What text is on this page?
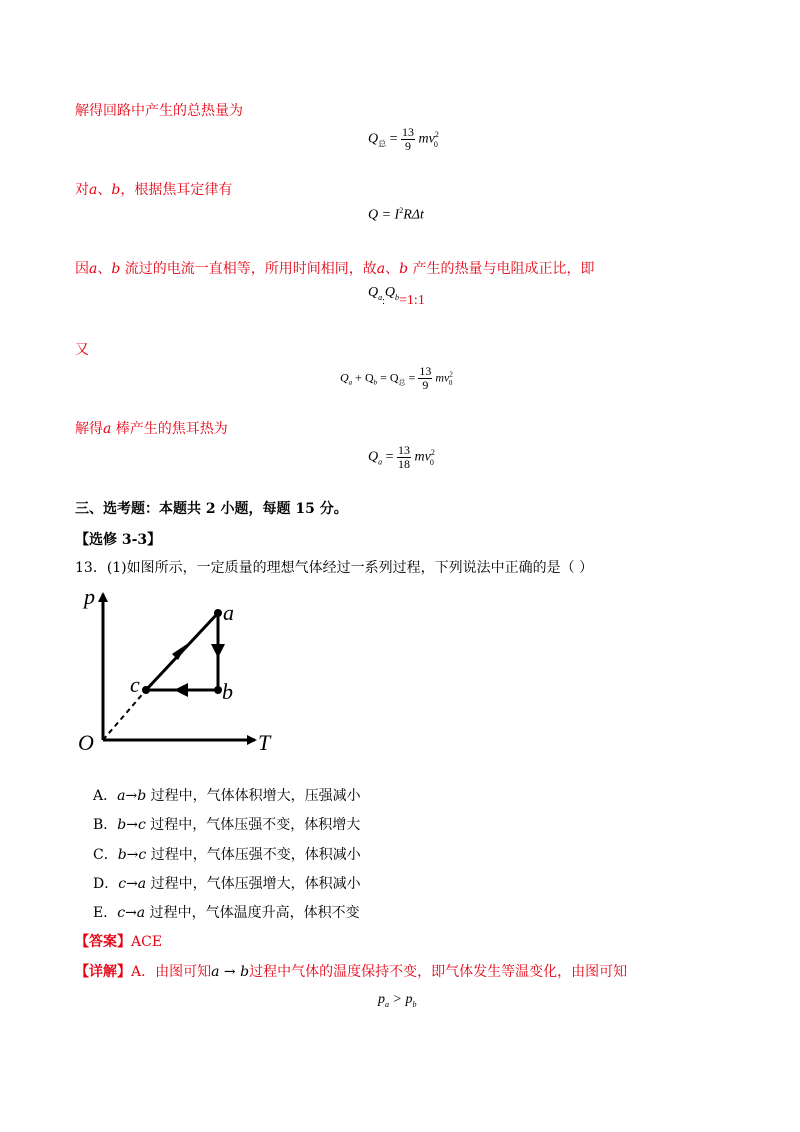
解得回路中产生的总热量为
$Q_总 = \frac{13}{9} mv^2_0$
对a、b，根据焦耳定律有
$Q = I^2R\Delta t$
因a、b 流过的电流一直相等，所用时间相同，故a、b 产生的热量与电阻成正比，即
$Q_{a:}Q_b=1:1$
又
$Q_a + Q_b = Q_总 = \frac{13}{9} mv^2_0$
解得a 棒产生的焦耳热为
$Q_a = \frac{13}{18} mv^2_0$
三、选考题：本题共 2 小题，每题 15 分。
【选修 3-3】
13．(1)如图所示，一定质量的理想气体经过一系列过程，下列说法中正确的是（ ）
p
T
O
a
b
c
A．a→b 过程中，气体体积增大，压强减小
B．b→c 过程中，气体压强不变，体积增大
C．b→c 过程中，气体压强不变，体积减小
D．c→a 过程中，气体压强增大，体积减小
E．c→a 过程中，气体温度升高，体积不变
【答案】ACE
【详解】A．由图可知a → b过程中气体的温度保持不变，即气体发生等温变化，由图可知
$p_a > p_b$
